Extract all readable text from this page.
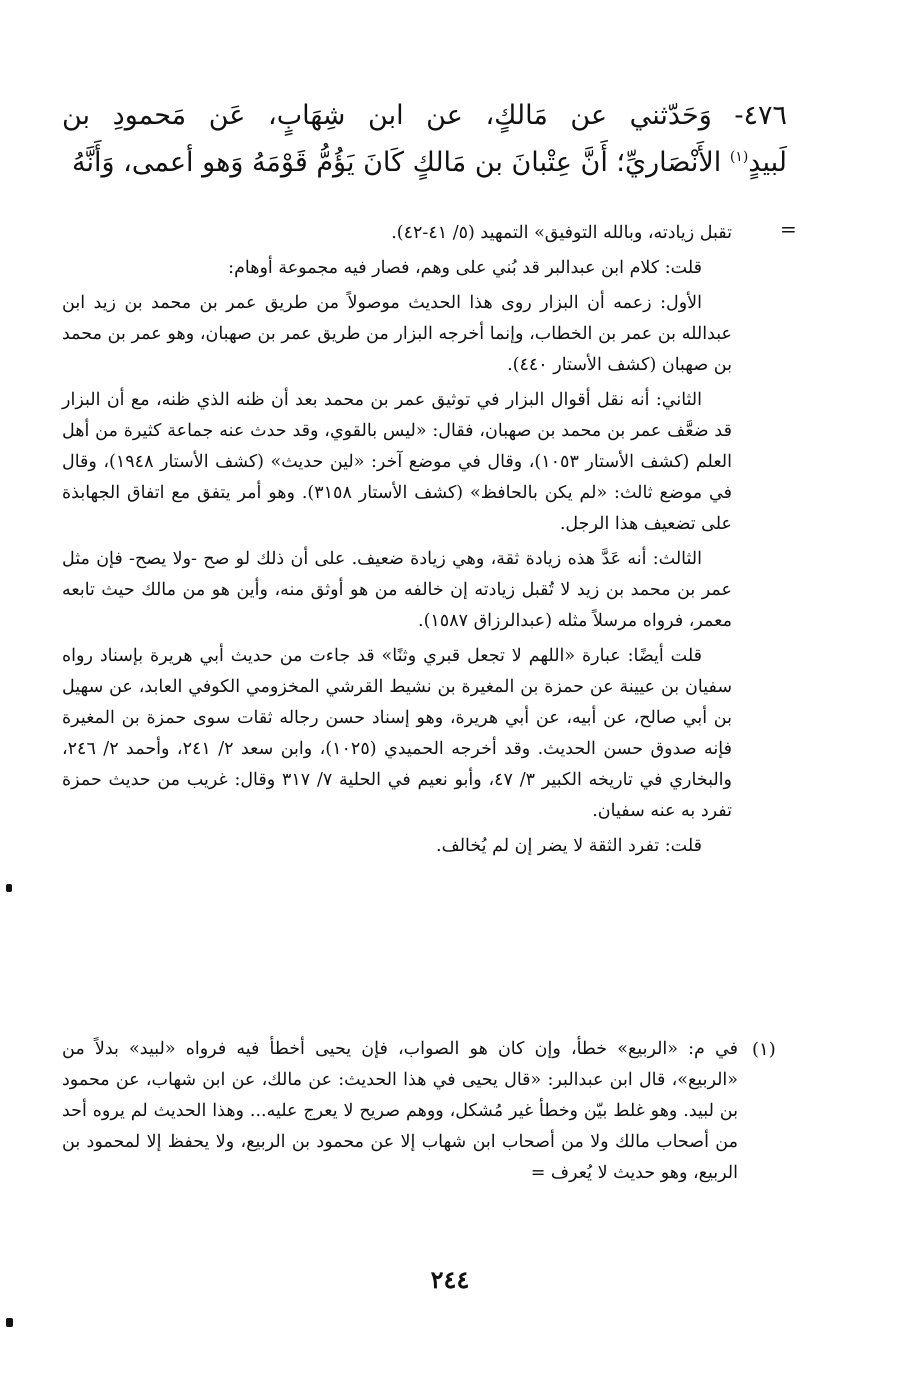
٤٧٦- وَحَدّثني عن مَالكٍ، عن ابن شِهَابٍ، عَن مَحمودِ بن
لَبيدٍ$^{(١)}$ الأَنْصَاريِّ؛ أَنَّ عِتْبانَ بن مَالكٍ كَانَ يَؤُمُّ قَوْمَهُ وَهو أعمى، وَأَنَّهُ
=

تقبل زيادته، وبالله التوفيق» التمهيد (٥/ ٤١-٤٢).

قلت: كلام ابن عبدالبر قد بُني على وهم، فصار فيه مجموعة أوهام:

الأول: زعمه أن البزار روى هذا الحديث موصولاً من طريق عمر بن محمد بن زيد ابن عبدالله بن عمر بن الخطاب، وإنما أخرجه البزار من طريق عمر بن صهبان، وهو عمر بن محمد بن صهبان (كشف الأستار ٤٤٠).

الثاني: أنه نقل أقوال البزار في توثيق عمر بن محمد بعد أن ظنه الذي ظنه، مع أن البزار قد ضعَّف عمر بن محمد بن صهبان، فقال: «ليس بالقوي، وقد حدث عنه جماعة كثيرة من أهل العلم (كشف الأستار ١٠٥٣)، وقال في موضع آخر: «لين حديث» (كشف الأستار ١٩٤٨)، وقال في موضع ثالث: «لم يكن بالحافظ» (كشف الأستار ٣١٥٨). وهو أمر يتفق مع اتفاق الجهابذة على تضعيف هذا الرجل.

الثالث: أنه عَدَّ هذه زيادة ثقة، وهي زيادة ضعيف. على أن ذلك لو صح -ولا يصح- فإن مثل عمر بن محمد بن زيد لا تُقبل زيادته إن خالفه من هو أوثق منه، وأين هو من مالك حيث تابعه معمر، فرواه مرسلاً مثله (عبدالرزاق ١٥٨٧).

قلت أيضًا: عبارة «اللهم لا تجعل قبري وثنًا» قد جاءت من حديث أبي هريرة بإسناد رواه سفيان بن عيينة عن حمزة بن المغيرة بن نشيط القرشي المخزومي الكوفي العابد، عن سهيل بن أبي صالح، عن أبيه، عن أبي هريرة، وهو إسناد حسن رجاله ثقات سوى حمزة بن المغيرة فإنه صدوق حسن الحديث. وقد أخرجه الحميدي (١٠٢٥)، وابن سعد ٢/ ٢٤١، وأحمد ٢/ ٢٤٦، والبخاري في تاريخه الكبير ٣/ ٤٧، وأبو نعيم في الحلية ٧/ ٣١٧ وقال: غريب من حديث حمزة تفرد به عنه سفيان.

قلت: تفرد الثقة لا يضر إن لم يُخالف.

(١)
في م: «الربيع» خطأ، وإن كان هو الصواب، فإن يحيى أخطأ فيه فرواه «لبيد» بدلاً من «الربيع»، قال ابن عبدالبر: «قال يحيى في هذا الحديث: عن مالك، عن ابن شهاب، عن محمود بن لبيد. وهو غلط بيّن وخطأ غير مُشكل، ووهم صريح لا يعرج عليه... وهذا الحديث لم يروه أحد من أصحاب مالك ولا من أصحاب ابن شهاب إلا عن محمود بن الربيع، ولا يحفظ إلا لمحمود بن الربيع، وهو حديث لا يُعرف =
٢٤٤
